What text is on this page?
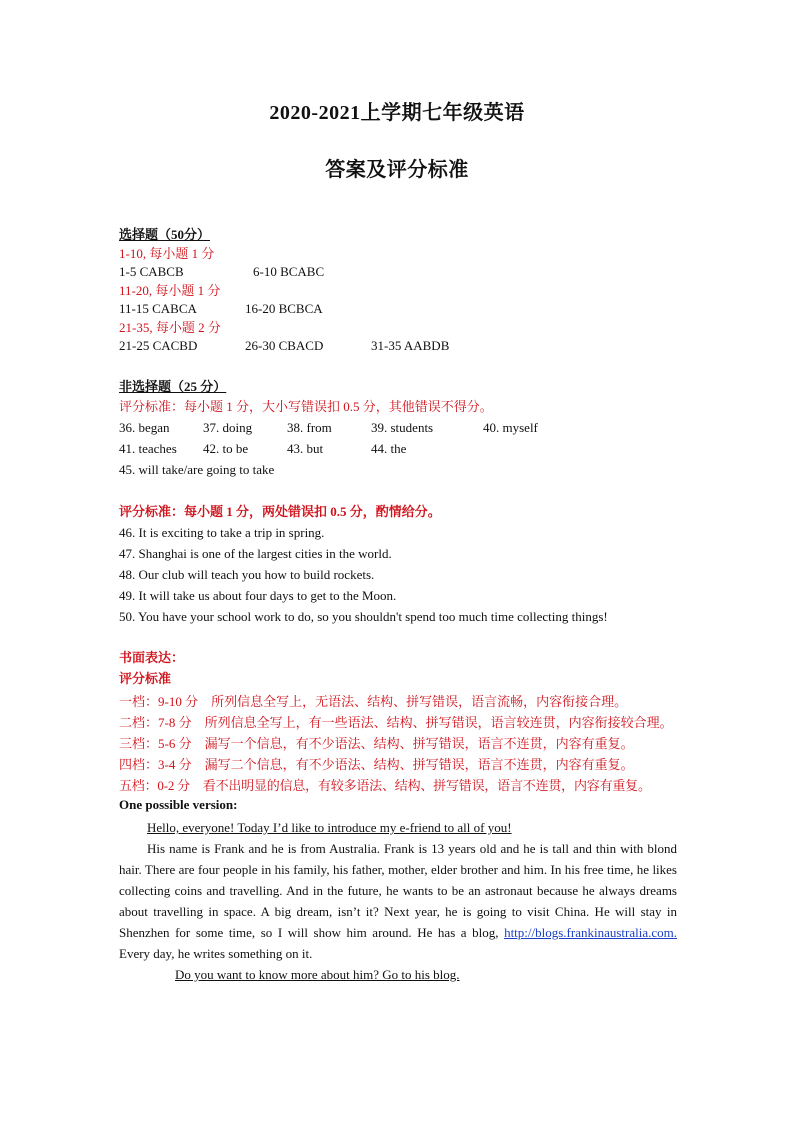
2020-2021上学期七年级英语
答案及评分标准
选择题（50分）
1-10, 每小题 1 分
1-5 CABCB	6-10 BCABC
11-20, 每小题 1 分
11-15 CABCA	16-20 BCBCA
21-35, 每小题 2 分
21-25 CACBD	26-30 CBACD	31-35 AABDB
非选择题（25 分）
评分标准：每小题 1 分，大小写错误扣 0.5 分，其他错误不得分。
36. began	37. doing	38. from	39. students	40. myself
41. teaches 42. to be	43. but	44. the
45. will take/are going to take
评分标准：每小题 1 分，两处错误扣 0.5 分，酌情给分。
46. It is exciting to take a trip in spring.
47. Shanghai is one of the largest cities in the world.
48. Our club will teach you how to build rockets.
49. It will take us about four days to get to the Moon.
50. You have your school work to do, so you shouldn't spend too much time collecting things!
书面表达：
评分标准
一档：9-10 分　所列信息全写上，无语法、结构、拼写错误，语言流畅，内容衔接合理。
二档：7-8 分　所列信息全写上，有一些语法、结构、拼写错误，语言较连贯，内容衔接较合理。
三档：5-6 分　漏写一个信息，有不少语法、结构、拼写错误，语言不连贯，内容有重复。
四档：3-4 分　漏写二个信息，有不少语法、结构、拼写错误，语言不连贯，内容有重复。
五档：0-2 分　看不出明显的信息，有较多语法、结构、拼写错误，语言不连贯，内容有重复。
One possible version:
Hello, everyone! Today I’d like to introduce my e-friend to all of you!
His name is Frank and he is from Australia. Frank is 13 years old and he is tall and thin with blond hair. There are four people in his family, his father, mother, elder brother and him. In his free time, he likes collecting coins and travelling. And in the future, he wants to be an astronaut because he always dreams about travelling in space. A big dream, isn’t it? Next year, he is going to visit China. He will stay in Shenzhen for some time, so I will show him around. He has a blog, http://blogs.frankinaustralia.com. Every day, he writes something on it.
Do you want to know more about him? Go to his blog.
